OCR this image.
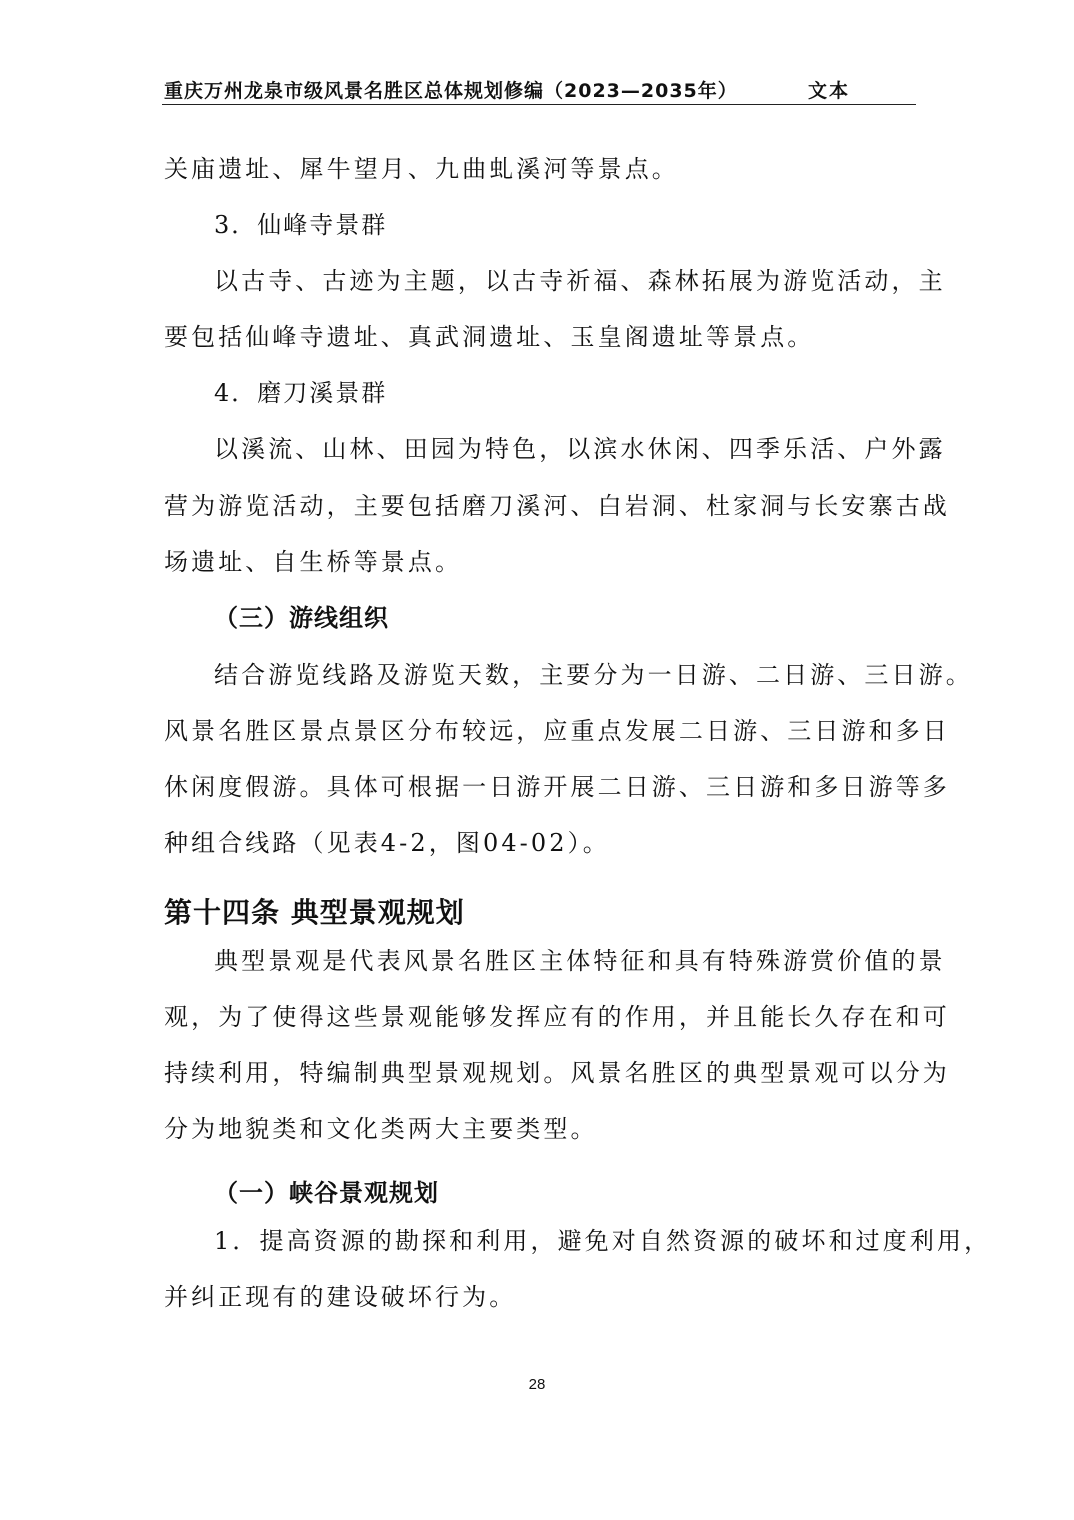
重庆万州龙泉市级风景名胜区总体规划修编（2023—2035年）	文本
关庙遗址、犀牛望月、九曲虬溪河等景点。
3．仙峰寺景群
以古寺、古迹为主题，以古寺祈福、森林拓展为游览活动，主
要包括仙峰寺遗址、真武洞遗址、玉皇阁遗址等景点。
4．磨刀溪景群
以溪流、山林、田园为特色，以滨水休闲、四季乐活、户外露
营为游览活动，主要包括磨刀溪河、白岩洞、杜家洞与长安寨古战
场遗址、自生桥等景点。
（三）游线组织
结合游览线路及游览天数，主要分为一日游、二日游、三日游。
风景名胜区景点景区分布较远，应重点发展二日游、三日游和多日
休闲度假游。具体可根据一日游开展二日游、三日游和多日游等多
种组合线路（见表4-2，图04-02）。
第十四条 典型景观规划
典型景观是代表风景名胜区主体特征和具有特殊游赏价值的景
观，为了使得这些景观能够发挥应有的作用，并且能长久存在和可
持续利用，特编制典型景观规划。风景名胜区的典型景观可以分为
分为地貌类和文化类两大主要类型。
（一）峡谷景观规划
1．提高资源的勘探和利用，避免对自然资源的破坏和过度利用，
并纠正现有的建设破坏行为。
28
